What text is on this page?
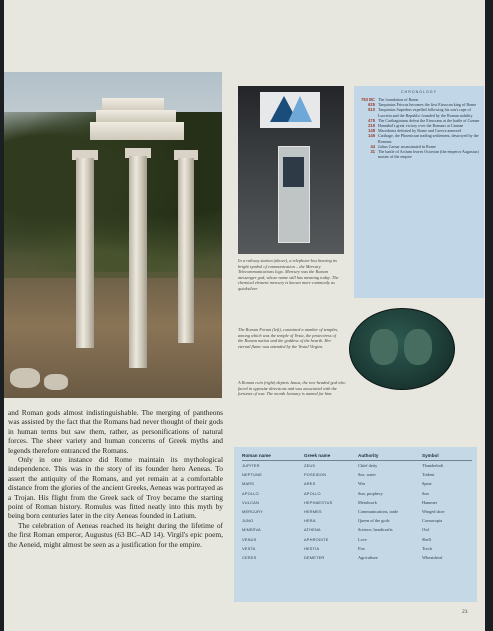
CHRONOLOGY
753 BC The foundation of Rome
625 Tarquinius Priscus becomes the first Etruscan king of Rome
510 Tarquinius Superbus expelled following his son's rape of Lucretia and the Republic founded by the Roman nobility
475 The Carthaginians defeat the Etruscans at the battle of Cumae
216 Hannibal's great victory over the Romans at Cannae
148 Macedonia defeated by Rome and Greece annexed
146 Carthage, the Phoenician trading settlement, destroyed by the Romans
44 Julius Caesar assassinated in Rome
31 The battle of Actium leaves Octavian (the emperor Augustus) master of the empire
In a railway station (above), a telephone box bearing its bright symbol of communication – the Mercury Telecommunications logo. Mercury was the Roman messenger god, whose name still has meaning today. The chemical element mercury is known more commonly as quicksilver.
The Roman Forum (left), contained a number of temples, among which was the temple of Vesta, the protectress of the Roman nation and the goddess of the hearth. Her eternal flame was attended by the Vestal Virgins.
A Roman coin (right) depicts Janus, the two-headed god who faced in opposite directions and was associated with the fortunes of war. The month January is named for him.

and Roman gods almost indistinguishable. The merging of pantheons was assisted by the fact that the Romans had never thought of their gods in human terms but saw them, rather, as personifications of natural forces. The sheer variety and human concerns of Greek myths and legends therefore entranced the Romans.

Only in one instance did Rome maintain its mythological independence. This was in the story of its founder hero Aeneas. To assert the antiquity of the Romans, and yet remain at a comfortable distance from the glories of the ancient Greeks, Aeneas was portrayed as a Trojan. His flight from the Greek sack of Troy became the starting point of Roman history. Romulus was fitted neatly into this myth by being born centuries later in the city Aeneas founded in Latium.

The celebration of Aeneas reached its height during the lifetime of the first Roman emperor, Augustus (63 BC–AD 14). Virgil's epic poem, the Aeneid, might almost be seen as a justification for the empire.

Roman name	Greek name	Authority	Symbol
JUPITER	ZEUS	Chief deity	Thunderbolt
NEPTUNE	POSEIDON	Sea, water	Trident
MARS	ARES	War	Spear
APOLLO	APOLLO	Sun, prophecy	Sun
VULCAN	HEPHAESTUS	Metalwork	Hammer
MERCURY	HERMES	Communications, trade	Winged shoe
JUNO	HERA	Queen of the gods	Cornucopia
MINERVA	ATHENA	Science, handicrafts	Owl
VENUS	APHRODITE	Love	Shell
VESTA	HESTIA	Fire	Torch
CERES	DEMETER	Agriculture	Wheatsheaf
23
